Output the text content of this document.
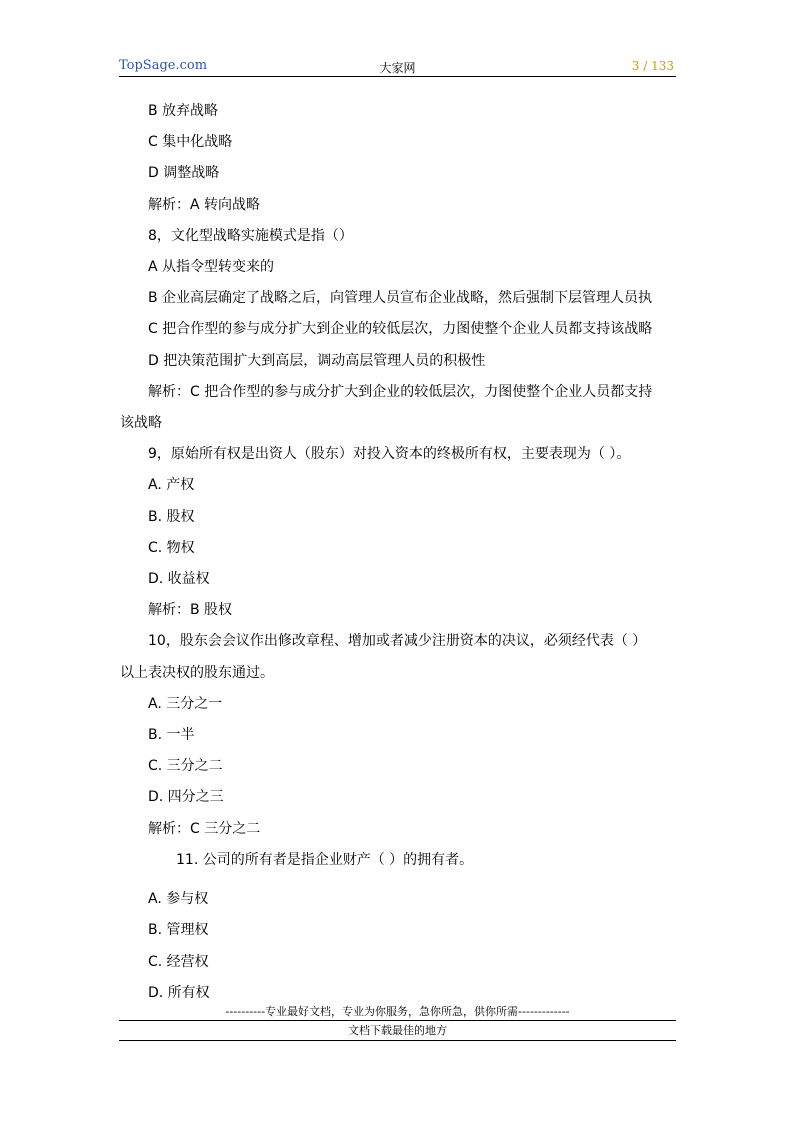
TopSage.com	大家网	3 / 133
B 放弃战略
C 集中化战略
D 调整战略
解析：A 转向战略
8，文化型战略实施模式是指（）
A 从指令型转变来的
B 企业高层确定了战略之后，向管理人员宣布企业战略，然后强制下层管理人员执
C 把合作型的参与成分扩大到企业的较低层次，力图使整个企业人员都支持该战略
D 把决策范围扩大到高层，调动高层管理人员的积极性
解析：C 把合作型的参与成分扩大到企业的较低层次，力图使整个企业人员都支持
该战略
9，原始所有权是出资人（股东）对投入资本的终极所有权，主要表现为（ ）。
A. 产权
B. 股权
C. 物权
D. 收益权
解析：B 股权
10，股东会会议作出修改章程、增加或者减少注册资本的决议，必须经代表（ ）
以上表决权的股东通过。
A. 三分之一
B. 一半
C. 三分之二
D. 四分之三
解析：C 三分之二
11. 公司的所有者是指企业财产（ ）的拥有者。
A. 参与权
B. 管理权
C. 经营权
D. 所有权
----------专业最好文档，专业为你服务，急你所急，供你所需-------------
文档下载最佳的地方
